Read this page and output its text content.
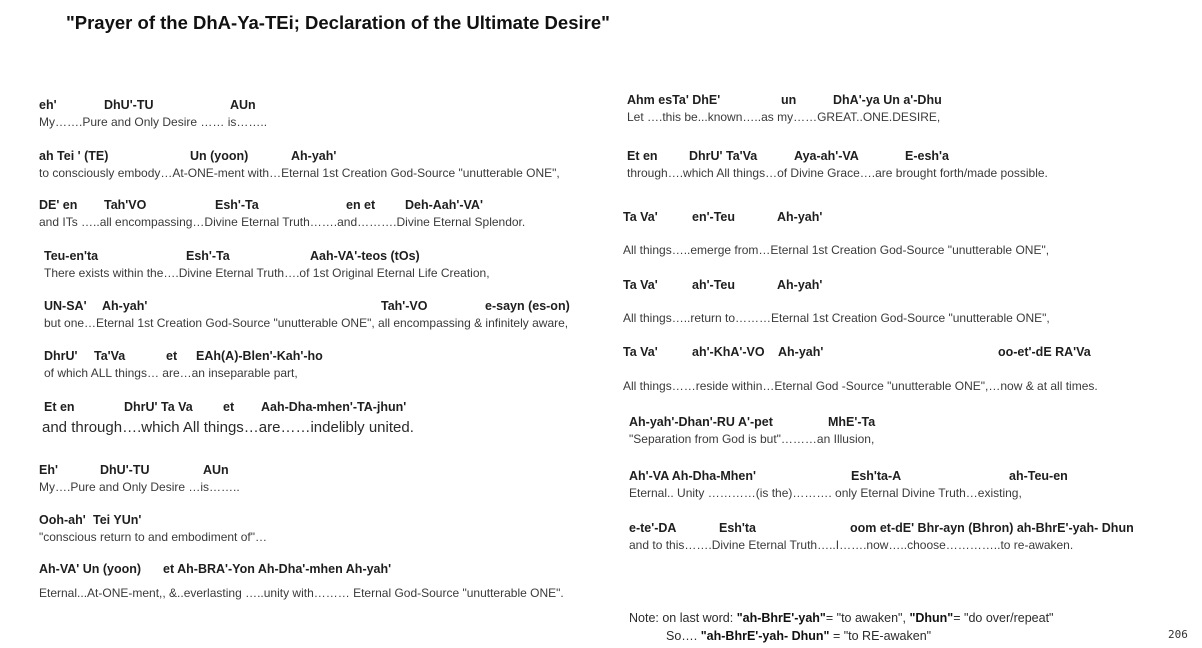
"Prayer of the DhA-Ya-TEi; Declaration of the Ultimate Desire"
eh'	DhU'-TU	AUn
My…….Pure and Only Desire …… is……..
ah Tei ' (TE)	Un (yoon)	Ah-yah'
to consciously embody…At-ONE-ment with…Eternal 1st Creation God-Source "unutterable ONE",
DE' en Tah'VO	Esh'-Ta	en et Deh-Aah'-VA'
and ITs …..all encompassing…Divine Eternal Truth…….and……….Divine Eternal Splendor.
Teu-en'ta	Esh'-Ta	Aah-VA'-teos (tOs)
There exists within the….Divine Eternal Truth….of 1st Original Eternal Life Creation,
UN-SA' Ah-yah'	Tah'-VO	e-sayn (es-on)
but one…Eternal 1st Creation God-Source "unutterable ONE", all encompassing & infinitely aware,
DhrU' Ta'Va	et EAh(A)-Blen'-Kah'-ho
of which ALL things… are…an inseparable part,
Et en	DhrU' Ta Va et Aah-Dha-mhen'-TA-jhun'
and through….which All things…are……indelibly united.
Eh'	DhU'-TU	AUn
My….Pure and Only Desire …is……..
Ooh-ah' Tei YUn'
"conscious return to and embodiment of"…
Ah-VA' Un (yoon) et Ah-BRA'-Yon Ah-Dha'-mhen Ah-yah'
Eternal...At-ONE-ment,, &..everlasting …..unity with……… Eternal God-Source "unutterable ONE".
Ahm esTa' DhE'	un	DhA'-ya Un a'-Dhu
Let ….this be...known…..as my……GREAT..ONE.DESIRE,
Et en	DhrU' Ta'Va	Aya-ah'-VA	E-esh'a
through….which All things…of Divine Grace….are brought forth/made possible.
Ta Va'	en'-Teu	Ah-yah'
All things…..emerge from…Eternal 1st Creation God-Source "unutterable ONE",
Ta Va'	ah'-Teu	Ah-yah'
All things…..return to………Eternal 1st Creation God-Source "unutterable ONE",
Ta Va'	ah'-KhA'-VO Ah-yah'	oo-et'-dE RA'Va
All things……reside within…Eternal God -Source "unutterable ONE",…now & at all times.
Ah-yah'-Dhan'-RU A'-pet	MhE'-Ta
"Separation from God is but"………an Illusion,
Ah'-VA Ah-Dha-Mhen'	Esh'ta-A	ah-Teu-en
Eternal.. Unity …………(is the)………. only Eternal Divine Truth…existing,
e-te'-DA	Esh'ta	oom et-dE' Bhr-ayn (Bhron) ah-BhrE'-yah- Dhun
and to this…….Divine Eternal Truth…..I…….now…..choose…………..to re-awaken.
Note: on last word: "ah-BhrE'-yah"= "to awaken", "Dhun"= "do over/repeat"
So…. "ah-BhrE'-yah- Dhun" = "to RE-awaken"	206
